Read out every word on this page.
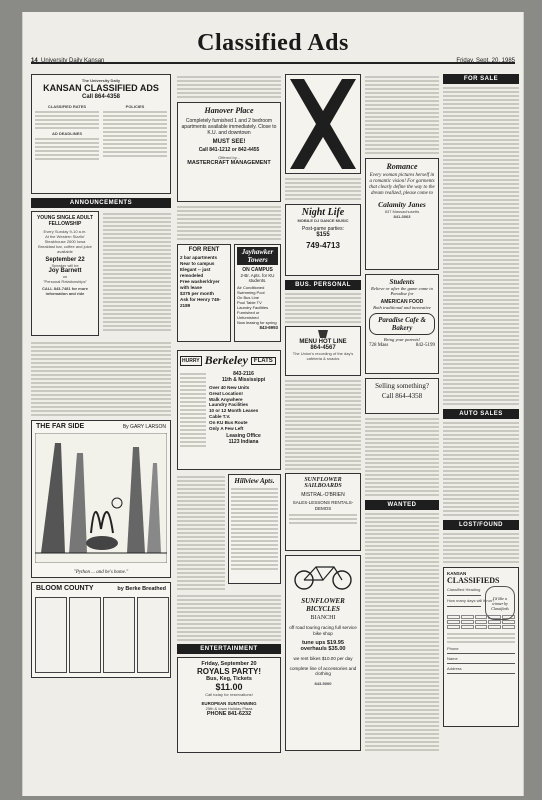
Classified Ads
14 University Daily Kansan	Friday, Sept. 20, 1985
The University Daily
KANSAN CLASSIFIED ADS
Call 864-4358
CLASSIFIED RATES
AD DEADLINES
POLICIES
ANNOUNCEMENTS
YOUNG SINGLE ADULT FELLOWSHIP
Every Sunday 9-10 a.m.
At the Western Sizzlin' Steakhouse 2600 Iowa
Breakfast bar, coffee and juice available
September 22
Speaker will be
Joy Barnett
on
"Personal Relationships"
CALL 843-7481 for more information and ride
THE FAR SIDE	By GARY LARSON
"Python ... and he's home."
BLOOM COUNTY	by Berke Breathed
Hanover Place
Completely furnished 1 and 2 bedroom apartments available immediately. Close to K.U. and downtown
MUST SEE!
Call 841-1212 or 842-4455
Offered by...
MASTERCRAFT MANAGEMENT
FOR RENT
2 bar apartments
Near to campus
Elegant -- just remodeled
Free washer/dryer with lease
$375 per month
Ask for Henry 749-2189
Jayhawker Towers
ON CAMPUS
2-Br. Apts. for KU students.
Air Conditioned
Swimming Pool
On Bus Line
Pool Table TV
Laundry Facilities
Furnished or Unfurnished
Now leasing for spring
843-6993
HURRY Berkeley	FLATS
843-2116
11th & Mississippi
Over 40 New Units
Great Location!
Walk Anywhere
Laundry Facilities
10 or 12 Month Leases
Cable T.V.
On KU Bus Route
Only A Few Left
Leasing Office
1123 Indiana
Hillview Apts.
ENTERTAINMENT
Friday, September 20
ROYALS PARTY!
Bus, Keg, Tickets
$11.00
Call today for reservations!
EUROPEAN SUNTANNING
25th & Iowa Holiday Plaza
PHONE 841-6232
Night Life
MOBILE DJ DANCE MUSIC
Post-game parties:
$155
749-4713
BUS. PERSONAL
MENU HOT LINE
864-4567
The Union's recording of the day's cafeteria & snacks
SUNFLOWER
SAILBOARDS
MISTRAL-O'BRIEN
SALES-LESSONS RENTALS-DEMOS
SUNFLOWER
BICYCLES
BIANCHI
off road touring racing full service bike shop
tune ups $19.95
overhauls $35.00
we rent bikes $10.00 per day
complete line of accessories and clothing
843-5000
Romance
Every woman pictures herself in a romantic vision! For garments that clearly define the way to the dream realized, please come to
Calamity Janes
837 Massachusetts
841-3063
Students
Relieve or after the game come to Paradise for
AMERICAN FOOD
Both traditional and innovative
Paradise Cafe & Bakery
Bring your parents!
728 Mass	842-5199
Selling something?
Call 864-4358
WANTED
FOR SALE
AUTO SALES
LOST/FOUND
KANSAN
CLASSIFIEDS
Classified Heading
How many days will it run?
I'd like a winner by Classifieds
Phone
Name
Address
